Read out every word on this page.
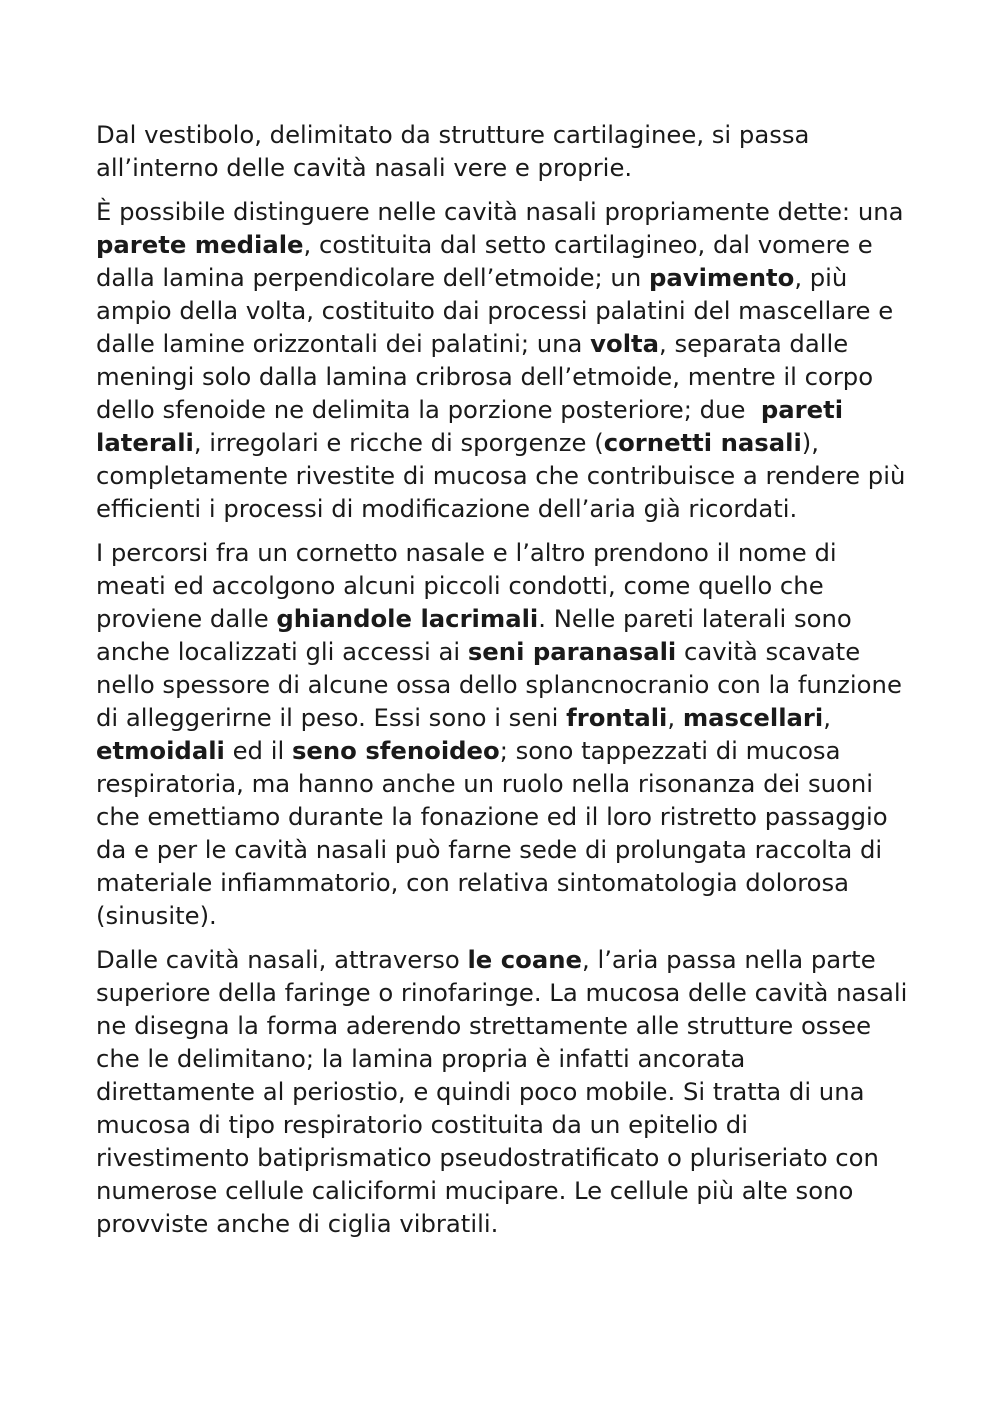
Dal vestibolo, delimitato da strutture cartilaginee, si passa all’interno delle cavità nasali vere e proprie.

È possibile distinguere nelle cavità nasali propriamente dette: una parete mediale, costituita dal setto cartilagineo, dal vomere e dalla lamina perpendicolare dell’etmoide; un pavimento, più ampio della volta, costituito dai processi palatini del mascellare e dalle lamine orizzontali dei palatini; una volta, separata dalle meningi solo dalla lamina cribrosa dell’etmoide, mentre il corpo dello sfenoide ne delimita la porzione posteriore; due  pareti laterali, irregolari e ricche di sporgenze (cornetti nasali), completamente rivestite di mucosa che contribuisce a rendere più efficienti i processi di modificazione dell’aria già ricordati.

I percorsi fra un cornetto nasale e l’altro prendono il nome di meati ed accolgono alcuni piccoli condotti, come quello che proviene dalle ghiandole lacrimali. Nelle pareti laterali sono anche localizzati gli accessi ai seni paranasali cavità scavate nello spessore di alcune ossa dello splancnocranio con la funzione di alleggerirne il peso. Essi sono i seni frontali, mascellari, etmoidali ed il seno sfenoideo; sono tappezzati di mucosa respiratoria, ma hanno anche un ruolo nella risonanza dei suoni che emettiamo durante la fonazione ed il loro ristretto passaggio da e per le cavità nasali può farne sede di prolungata raccolta di materiale infiammatorio, con relativa sintomatologia dolorosa (sinusite).

Dalle cavità nasali, attraverso le coane, l’aria passa nella parte superiore della faringe o rinofaringe. La mucosa delle cavità nasali ne disegna la forma aderendo strettamente alle strutture ossee che le delimitano; la lamina propria è infatti ancorata direttamente al periostio, e quindi poco mobile. Si tratta di una mucosa di tipo respiratorio costituita da un epitelio di rivestimento batiprismatico pseudostratificato o pluriseriato con numerose cellule caliciformi mucipare. Le cellule più alte sono provviste anche di ciglia vibratili.
